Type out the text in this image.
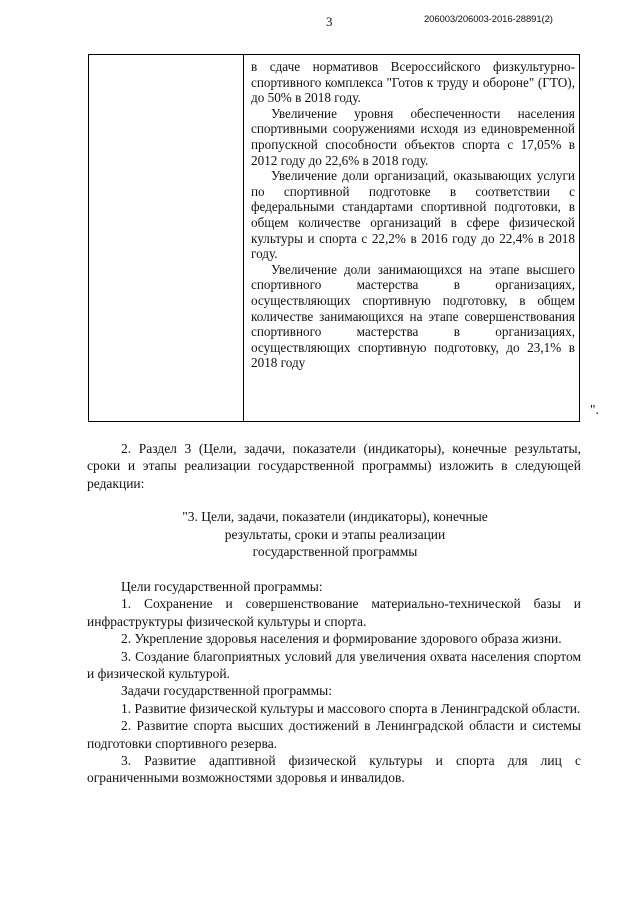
3	206003/206003-2016-28891(2)

в сдаче нормативов Всероссийского физкультурно-спортивного комплекса "Готов к труду и обороне" (ГТО), до 50% в 2018 году.

Увеличение уровня обеспеченности населения спортивными сооружениями исходя из единовременной пропускной способности объектов спорта с 17,05% в 2012 году до 22,6% в 2018 году.

Увеличение доли организаций, оказывающих услуги по спортивной подготовке в соответствии с федеральными стандартами спортивной подготовки, в общем количестве организаций в сфере физической культуры и спорта с 22,2% в 2016 году до 22,4% в 2018 году.

Увеличение доли занимающихся на этапе высшего спортивного мастерства в организациях, осуществляющих спортивную подготовку, в общем количестве занимающихся на этапе совершенствования спортивного мастерства в организациях, осуществляющих спортивную подготовку, до 23,1% в 2018 году

".

2. Раздел 3 (Цели, задачи, показатели (индикаторы), конечные результаты, сроки и этапы реализации государственной программы) изложить в следующей редакции:

"3. Цели, задачи, показатели (индикаторы), конечные
результаты, сроки и этапы реализации
государственной программы

Цели государственной программы:

1. Сохранение и совершенствование материально-технической базы и инфраструктуры физической культуры и спорта.

2. Укрепление здоровья населения и формирование здорового образа жизни.

3. Создание благоприятных условий для увеличения охвата населения спортом и физической культурой.

Задачи государственной программы:

1. Развитие физической культуры и массового спорта в Ленинградской области.

2. Развитие спорта высших достижений в Ленинградской области и системы подготовки спортивного резерва.

3. Развитие адаптивной физической культуры и спорта для лиц с ограниченными возможностями здоровья и инвалидов.
